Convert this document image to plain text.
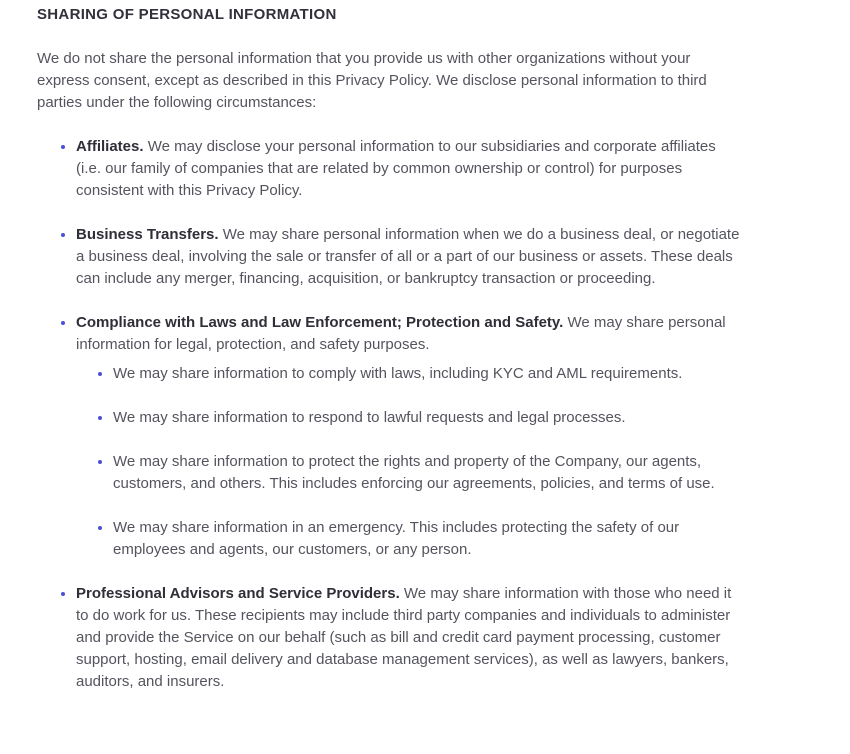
SHARING OF PERSONAL INFORMATION

We do not share the personal information that you provide us with other organizations without your express consent, except as described in this Privacy Policy. We disclose personal information to third parties under the following circumstances:

Affiliates. We may disclose your personal information to our subsidiaries and corporate affiliates (i.e. our family of companies that are related by common ownership or control) for purposes consistent with this Privacy Policy.
Business Transfers. We may share personal information when we do a business deal, or negotiate a business deal, involving the sale or transfer of all or a part of our business or assets. These deals can include any merger, financing, acquisition, or bankruptcy transaction or proceeding.
Compliance with Laws and Law Enforcement; Protection and Safety. We may share personal information for legal, protection, and safety purposes.
We may share information to comply with laws, including KYC and AML requirements.
We may share information to respond to lawful requests and legal processes.
We may share information to protect the rights and property of the Company, our agents, customers, and others. This includes enforcing our agreements, policies, and terms of use.
We may share information in an emergency. This includes protecting the safety of our employees and agents, our customers, or any person.
Professional Advisors and Service Providers. We may share information with those who need it to do work for us. These recipients may include third party companies and individuals to administer and provide the Service on our behalf (such as bill and credit card payment processing, customer support, hosting, email delivery and database management services), as well as lawyers, bankers, auditors, and insurers.
